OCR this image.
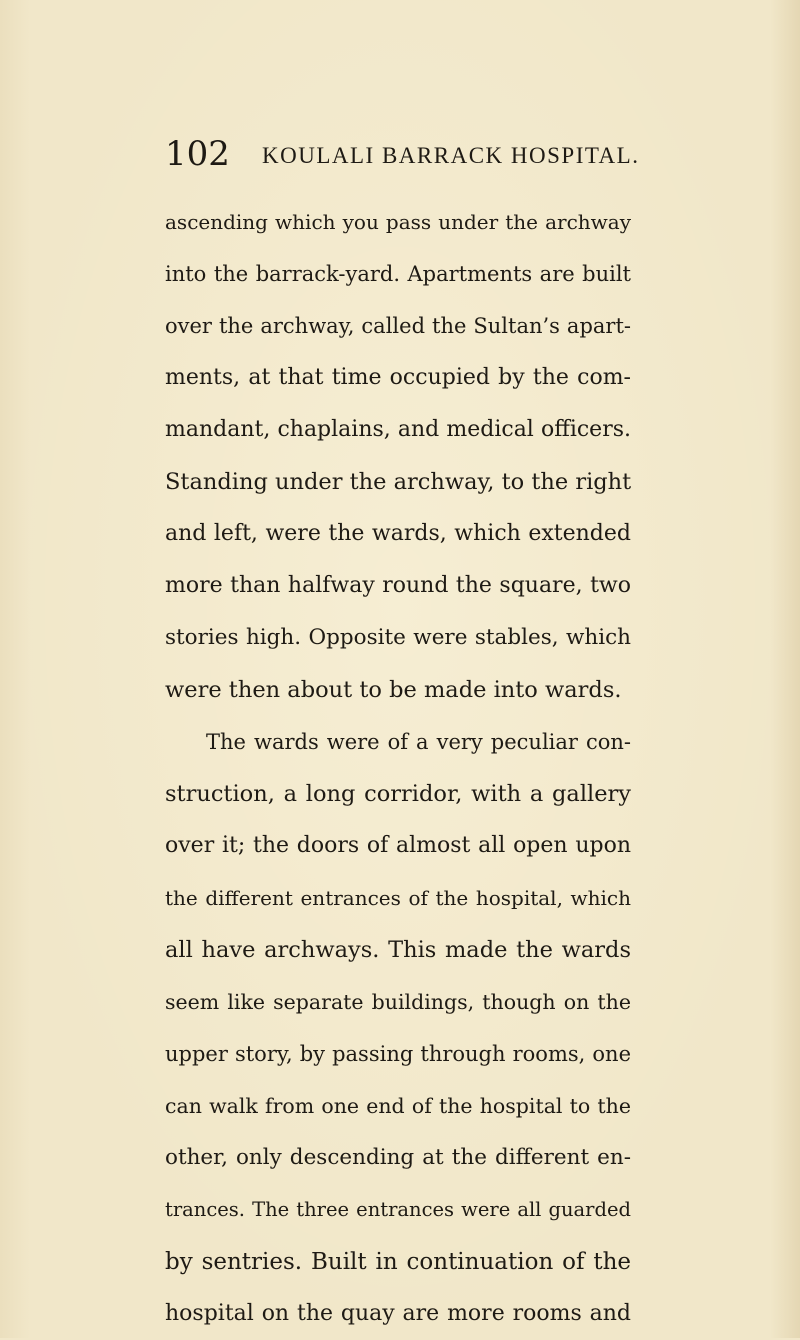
102 KOULALI BARRACK HOSPITAL.
ascending which you pass under the archway
into the barrack-yard. Apartments are built
over the archway, called the Sultan’s apart-
ments, at that time occupied by the com-
mandant, chaplains, and medical officers.
Standing under the archway, to the right
and left, were the wards, which extended
more than halfway round the square, two
stories high. Opposite were stables, which
were then about to be made into wards.
The wards were of a very peculiar con-
struction, a long corridor, with a gallery
over it; the doors of almost all open upon
the different entrances of the hospital, which
all have archways. This made the wards
seem like separate buildings, though on the
upper story, by passing through rooms, one
can walk from one end of the hospital to the
other, only descending at the different en-
trances. The three entrances were all guarded
by sentries. Built in continuation of the
hospital on the quay are more rooms and
